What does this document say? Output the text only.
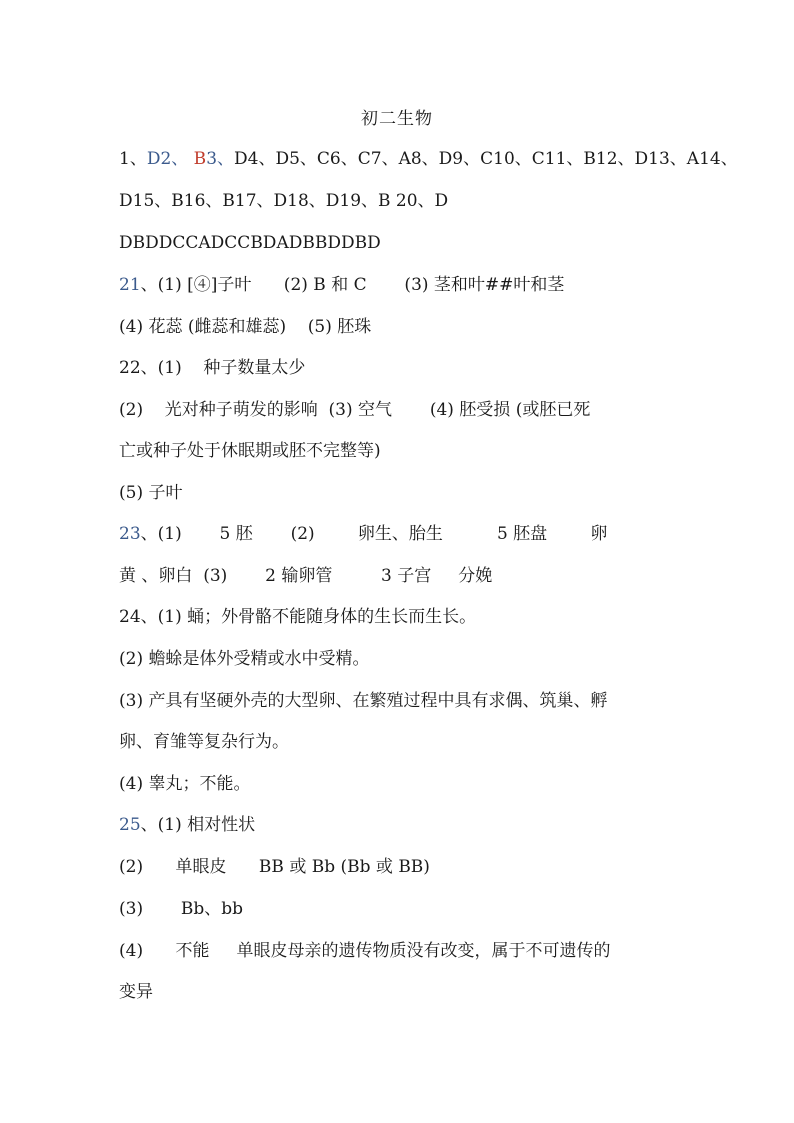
初二生物
1、D2、 B3、D4、D5、C6、C7、A8、D9、C10、C11、B12、D13、A14、
D15、B16、B17、D18、D19、B 20、D
DBDDCCADCCBDADBBDDBD
21、(1) [④]子叶      (2) B 和 C       (3) 茎和叶##叶和茎
(4) 花蕊 (雌蕊和雄蕊)    (5) 胚珠
22、(1)    种子数量太少
(2)    光对种子萌发的影响  (3) 空气       (4) 胚受损 (或胚已死
亡或种子处于休眠期或胚不完整等)
(5) 子叶
23、(1)       5 胚       (2)        卵生、胎生          5 胚盘        卵
黄 、卵白  (3)       2 输卵管         3 子宫     分娩
24、(1) 蛹；外骨骼不能随身体的生长而生长。
(2) 蟾蜍是体外受精或水中受精。
(3) 产具有坚硬外壳的大型卵、在繁殖过程中具有求偶、筑巢、孵
卵、育雏等复杂行为。
(4) 睾丸；不能。
25、(1) 相对性状
(2)      单眼皮      BB 或 Bb (Bb 或 BB)
(3)       Bb、bb
(4)      不能     单眼皮母亲的遗传物质没有改变，属于不可遗传的
变异
